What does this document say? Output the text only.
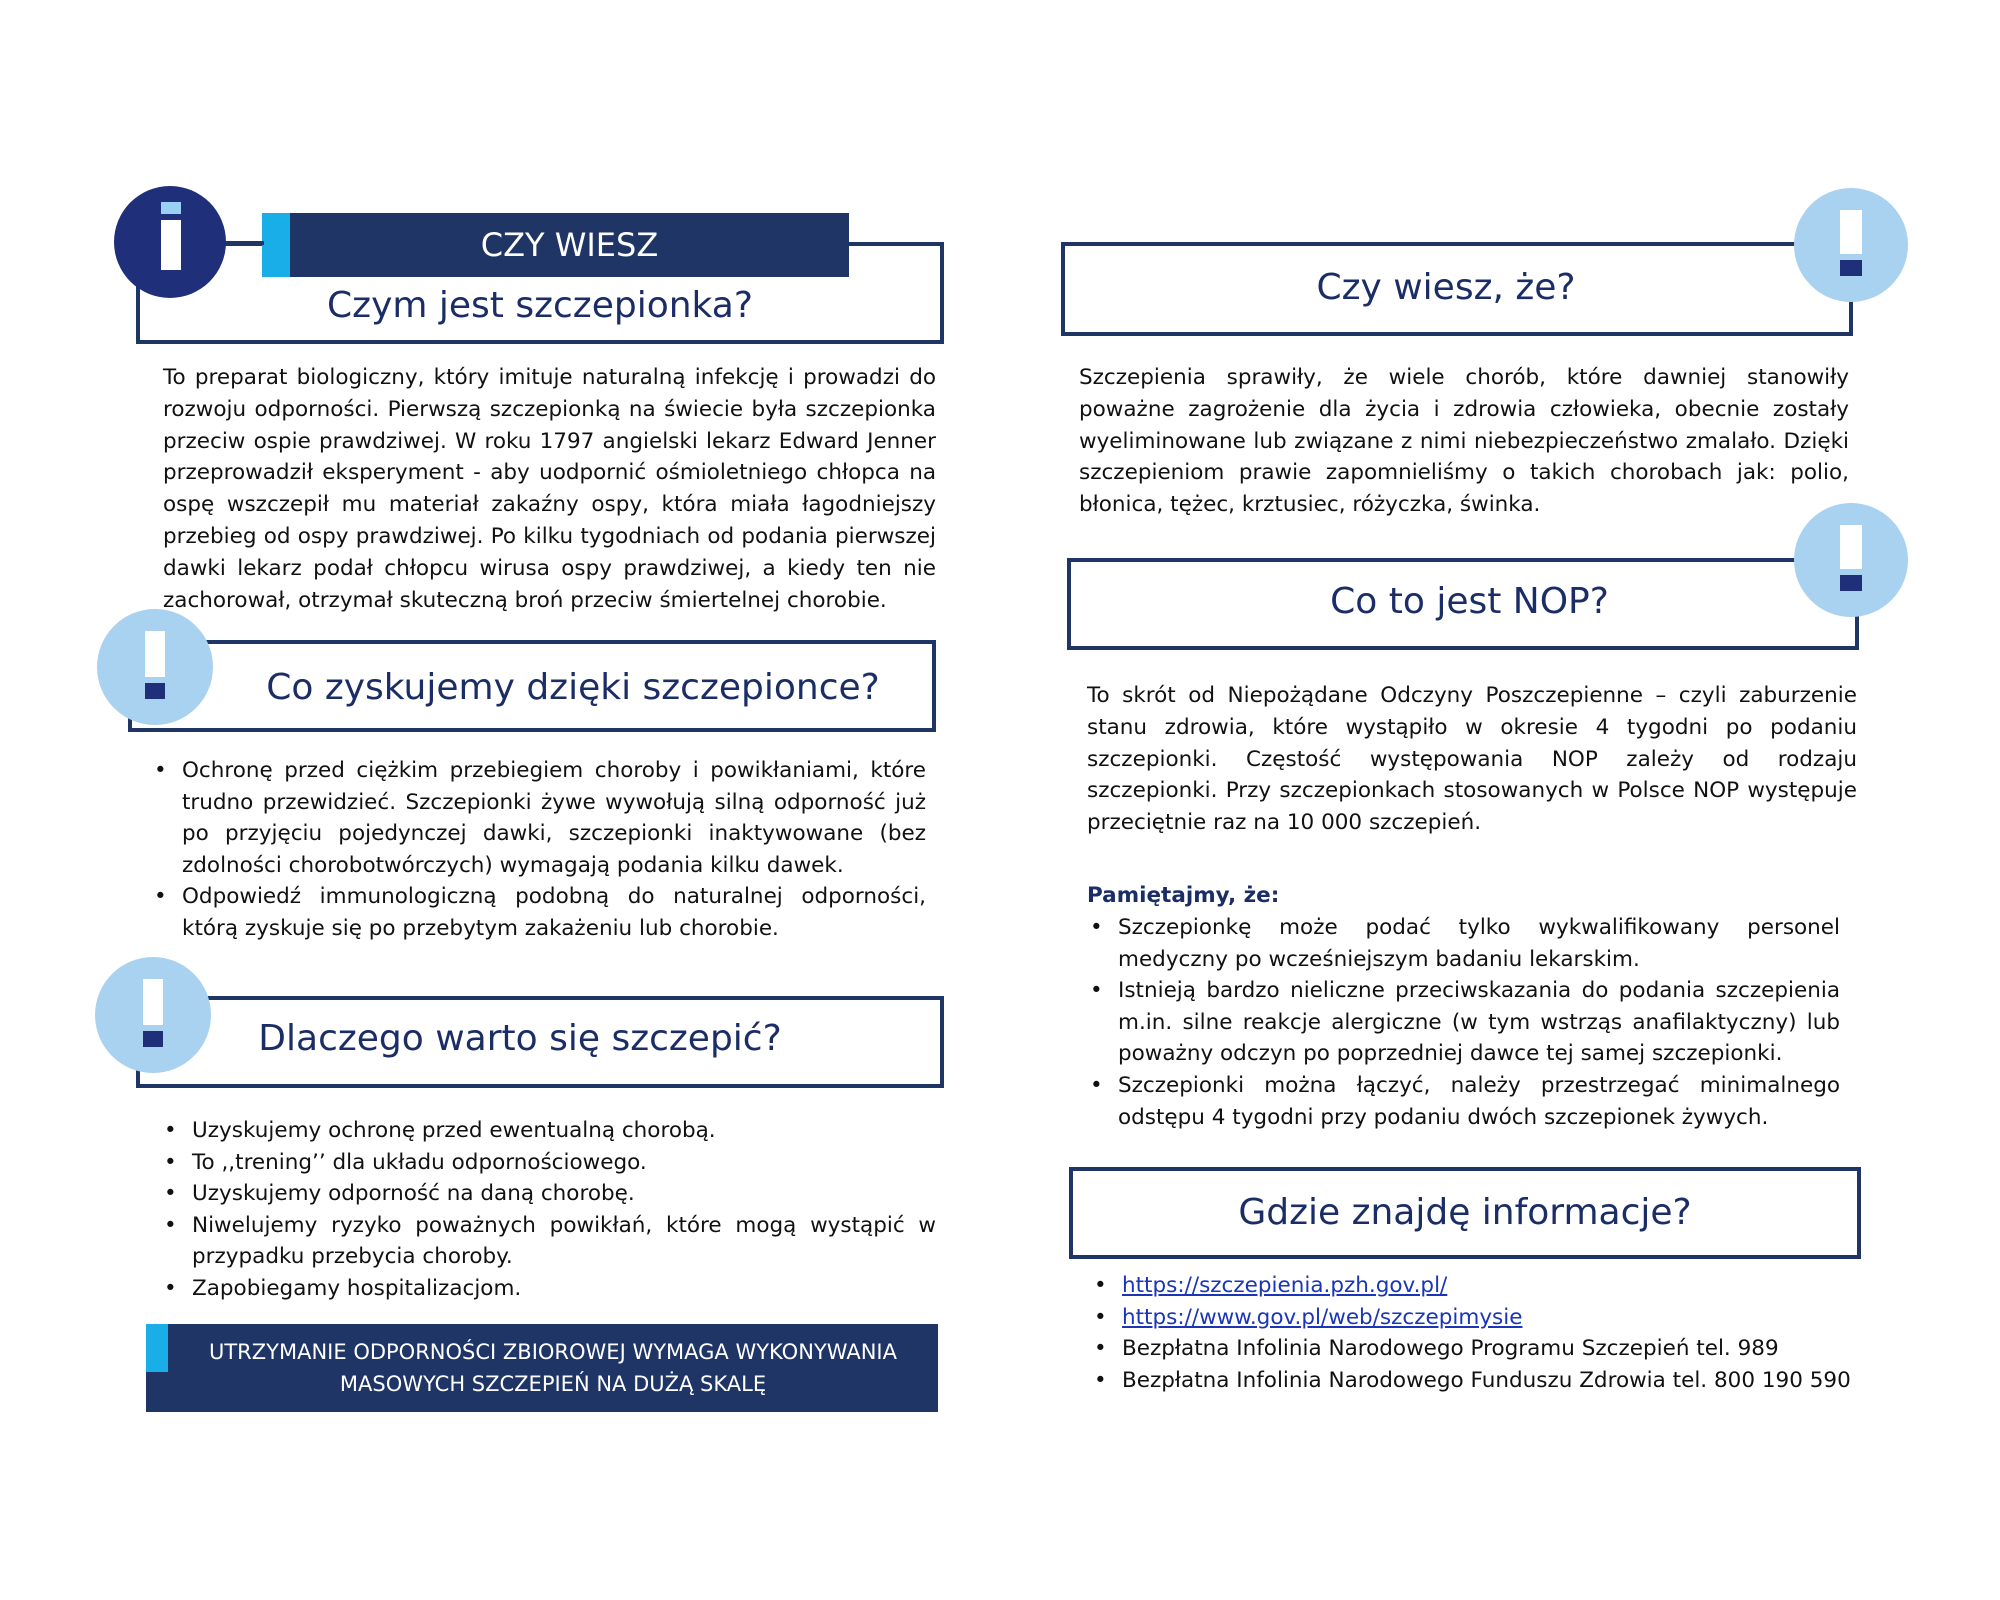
CZY WIESZ
Czym jest szczepionka?
To preparat biologiczny, który imituje naturalną infekcję i prowadzi do rozwoju odporności. Pierwszą szczepionką na świecie była szczepionka przeciw ospie prawdziwej. W roku 1797 angielski lekarz Edward Jenner przeprowadził eksperyment - aby uodpornić ośmioletniego chłopca na ospę wszczepił mu materiał zakaźny ospy, która miała łagodniejszy przebieg od ospy prawdziwej. Po kilku tygodniach od podania pierwszej dawki lekarz podał chłopcu wirusa ospy prawdziwej, a kiedy ten nie zachorował, otrzymał skuteczną broń przeciw śmiertelnej chorobie.
Co zyskujemy dzięki szczepionce?
• Ochronę przed ciężkim przebiegiem choroby i powikłaniami, które trudno przewidzieć. Szczepionki żywe wywołują silną odporność już po przyjęciu pojedynczej dawki, szczepionki inaktywowane (bez zdolności chorobotwórczych) wymagają podania kilku dawek.
• Odpowiedź immunologiczną podobną do naturalnej odporności, którą zyskuje się po przebytym zakażeniu lub chorobie.
Dlaczego warto się szczepić?
• Uzyskujemy ochronę przed ewentualną chorobą.
• To ,,trening’’ dla układu odpornościowego.
• Uzyskujemy odporność na daną chorobę.
• Niwelujemy ryzyko poważnych powikłań, które mogą wystąpić w przypadku przebycia choroby.
• Zapobiegamy hospitalizacjom.
UTRZYMANIE ODPORNOŚCI ZBIOROWEJ WYMAGA WYKONYWANIA
MASOWYCH SZCZEPIEŃ NA DUŻĄ SKALĘ
Czy wiesz, że?
Szczepienia sprawiły, że wiele chorób, które dawniej stanowiły poważne zagrożenie dla życia i zdrowia człowieka, obecnie zostały wyeliminowane lub związane z nimi niebezpieczeństwo zmalało. Dzięki szczepieniom prawie zapomnieliśmy o takich chorobach jak: polio, błonica, tężec, krztusiec, różyczka, świnka.
Co to jest NOP?
To skrót od Niepożądane Odczyny Poszczepienne – czyli zaburzenie stanu zdrowia, które wystąpiło w okresie 4 tygodni po podaniu szczepionki. Częstość występowania NOP zależy od rodzaju szczepionki. Przy szczepionkach stosowanych w Polsce NOP występuje przeciętnie raz na 10 000 szczepień.
Pamiętajmy, że:
• Szczepionkę może podać tylko wykwalifikowany personel medyczny po wcześniejszym badaniu lekarskim.
• Istnieją bardzo nieliczne przeciwskazania do podania szczepienia m.in. silne reakcje alergiczne (w tym wstrząs anafilaktyczny) lub poważny odczyn po poprzedniej dawce tej samej szczepionki.
• Szczepionki można łączyć, należy przestrzegać minimalnego odstępu 4 tygodni przy podaniu dwóch szczepionek żywych.
Gdzie znajdę informacje?
• https://szczepienia.pzh.gov.pl/
• https://www.gov.pl/web/szczepimysie
• Bezpłatna Infolinia Narodowego Programu Szczepień tel. 989
• Bezpłatna Infolinia Narodowego Funduszu Zdrowia tel. 800 190 590
